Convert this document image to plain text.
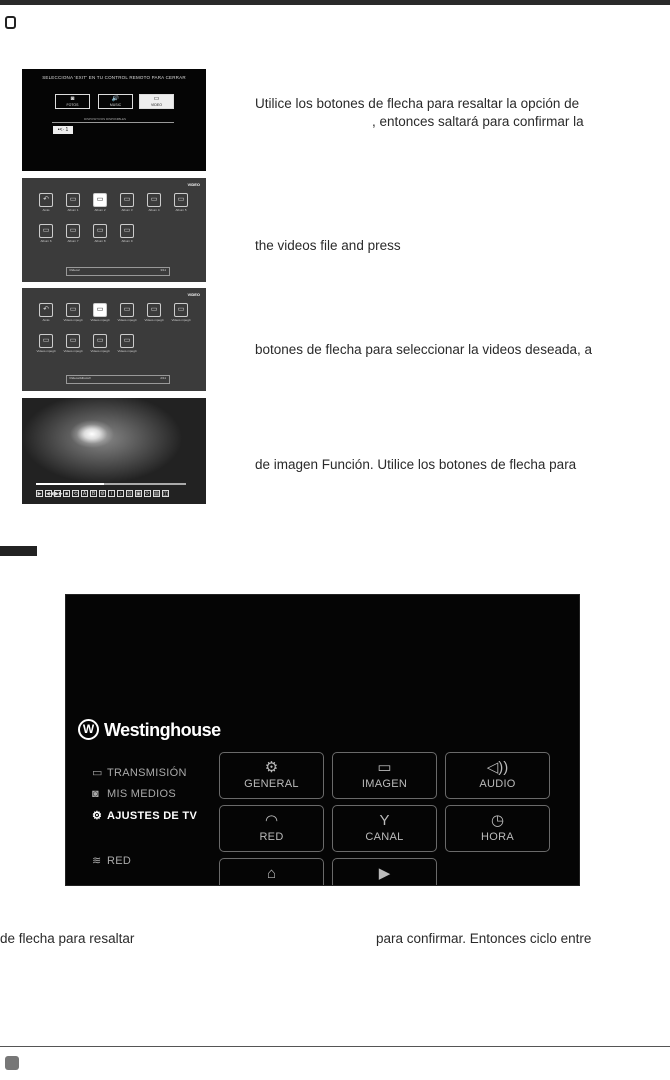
SELECCIONA 'EXIT' EN TU CONTROL REMOTO PARA CERRAR
◙
FOTOS
🔊
MUSIC
▭
VIDEO
DISPOSITIVOS DISPONIBLES
•<· 1
VIDEO
↶
Atrás
▭
Album 1
▭
Album 2
▭
Album 3
▭
Album 4
▭
Album 5
▭
Album 6
▭
Album 7
▭
Album 8
▭
Album 9
/Videos/	3/11
VIDEO
↶
Atrás
▭
Videos.mpeg4
▭
Videos.mpeg4
▭
Videos.mpeg4
▭
Videos.mpeg4
▭
Videos.mpeg4
▭
Videos.mpeg4
▭
Videos.mpeg4
▭
Videos.mpeg4
▭
Videos.mpeg4
/Videos/Album2/	2/11
▶ ◀◀▶▶ ■ ⟲ A B ⚙ i ♪ ⊡ ▣ ⟳ ▤ ◫
Utilice los botones de flecha para resaltar la opción de
, entonces saltará para confirmar la
the videos file and press
botones de flecha para seleccionar la videos deseada, a
de imagen Función. Utilice los botones de flecha para
W Westinghouse
▭ TRANSMISIÓN
◙ MIS MEDIOS
⚙ AJUSTES DE TV
≋ RED
⚙
GENERAL
▭
IMAGEN
◁))
AUDIO
◠
RED
Y
CANAL
◷
HORA
⌂	▶
de flecha para resaltar	para confirmar. Entonces ciclo entre
